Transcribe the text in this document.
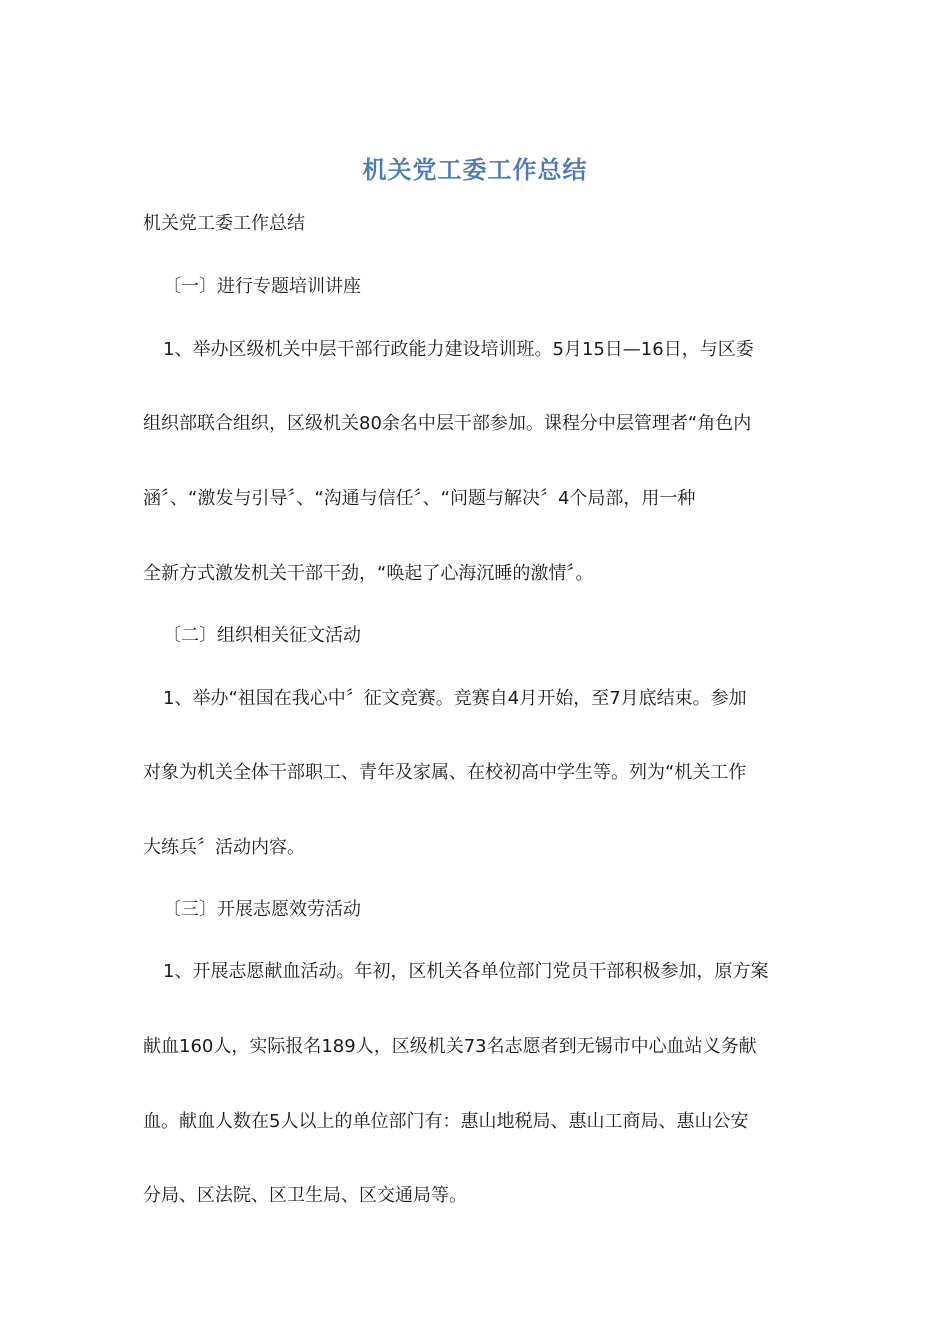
机关党工委工作总结
机关党工委工作总结
〔一〕进行专题培训讲座
1、举办区级机关中层干部行政能力建设培训班。5月15日—16日，与区委
组织部联合组织，区级机关80余名中层干部参加。课程分中层管理者“角色内
涵〞、“激发与引导〞、“沟通与信任〞、“问题与解决〞4个局部，用一种
全新方式激发机关干部干劲，“唤起了心海沉睡的激情〞。
〔二〕组织相关征文活动
1、举办“祖国在我心中〞征文竞赛。竞赛自4月开始，至7月底结束。参加
对象为机关全体干部职工、青年及家属、在校初高中学生等。列为“机关工作
大练兵〞活动内容。
〔三〕开展志愿效劳活动
1、开展志愿献血活动。年初，区机关各单位部门党员干部积极参加，原方案
献血160人，实际报名189人，区级机关73名志愿者到无锡市中心血站义务献
血。献血人数在5人以上的单位部门有：惠山地税局、惠山工商局、惠山公安
分局、区法院、区卫生局、区交通局等。
